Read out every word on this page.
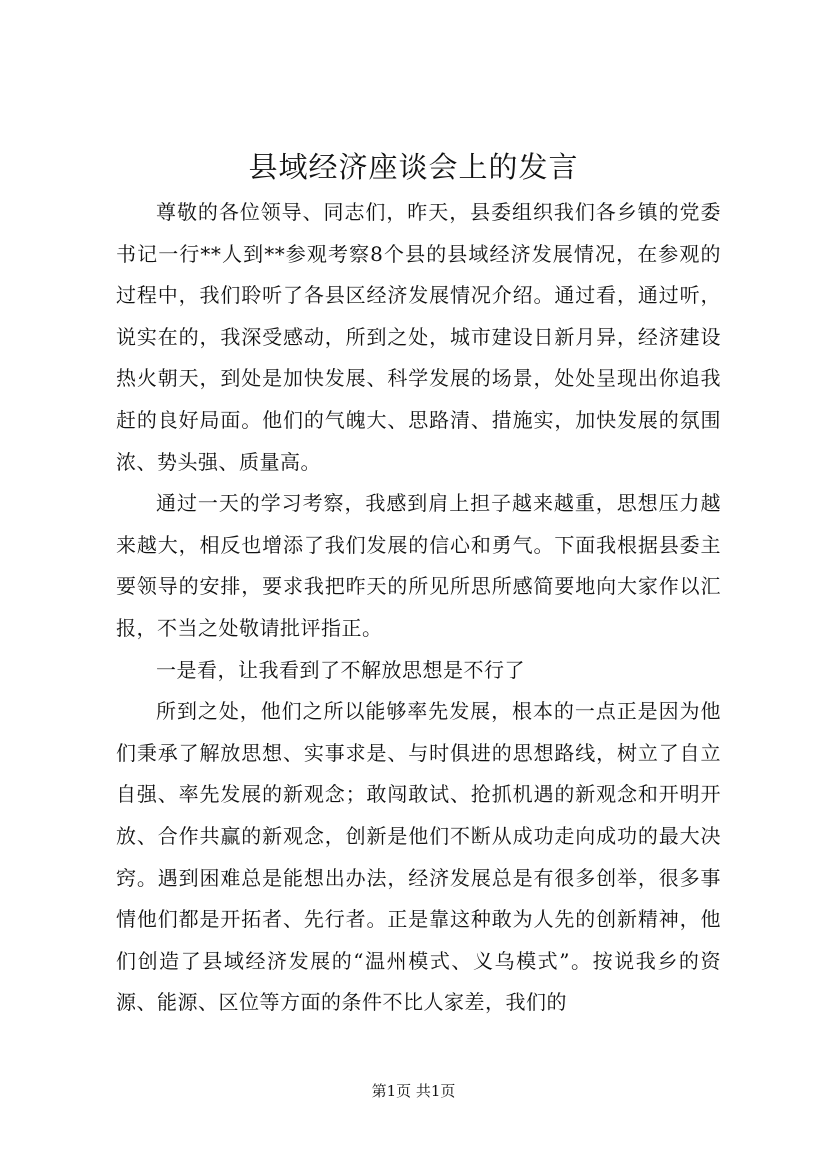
县域经济座谈会上的发言

尊敬的各位领导、同志们，昨天，县委组织我们各乡镇的党委书记一行**人到**参观考察8个县的县域经济发展情况，在参观的过程中，我们聆听了各县区经济发展情况介绍。通过看，通过听，说实在的，我深受感动，所到之处，城市建设日新月异，经济建设热火朝天，到处是加快发展、科学发展的场景，处处呈现出你追我赶的良好局面。他们的气魄大、思路清、措施实，加快发展的氛围浓、势头强、质量高。

通过一天的学习考察，我感到肩上担子越来越重，思想压力越来越大，相反也增添了我们发展的信心和勇气。下面我根据县委主要领导的安排，要求我把昨天的所见所思所感简要地向大家作以汇报，不当之处敬请批评指正。

一是看，让我看到了不解放思想是不行了

所到之处，他们之所以能够率先发展，根本的一点正是因为他们秉承了解放思想、实事求是、与时俱进的思想路线，树立了自立自强、率先发展的新观念；敢闯敢试、抢抓机遇的新观念和开明开放、合作共赢的新观念，创新是他们不断从成功走向成功的最大决窍。遇到困难总是能想出办法，经济发展总是有很多创举，很多事情他们都是开拓者、先行者。正是靠这种敢为人先的创新精神，他们创造了县域经济发展的“温州模式、义乌模式”。按说我乡的资源、能源、区位等方面的条件不比人家差，我们的

第1页 共1页
